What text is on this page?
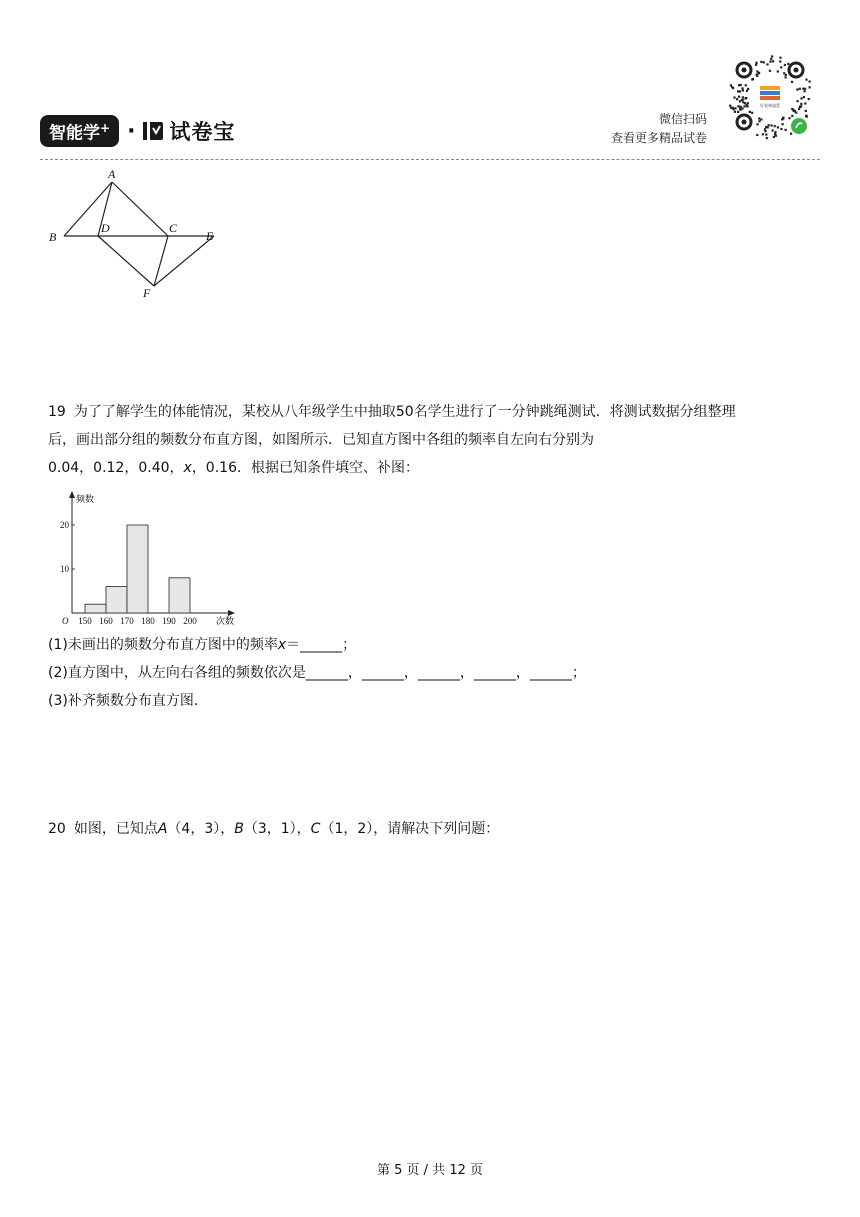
智能学+ · 试卷宝
微信扫码
查看更多精品试卷
好卷神器帮
A
B
D	C
E
F
19 为了了解学生的体能情况，某校从八年级学生中抽取50名学生进行了一分钟跳绳测试．将测试数据分组整理
后，画出部分组的频数分布直方图，如图所示．已知直方图中各组的频率自左向右分别为
0.04，0.12，0.40，x，0.16．根据已知条件填空、补图：
10
20
150 160 170 180 190 200
O
频数
次数
(1)未画出的频数分布直方图中的频率x＝______；
(2)直方图中，从左向右各组的频数依次是______，______，______，______，______；
(3)补齐频数分布直方图．
20 如图，已知点A（4，3），B（3，1），C（1，2），请解决下列问题：
第 5 页 / 共 12 页
